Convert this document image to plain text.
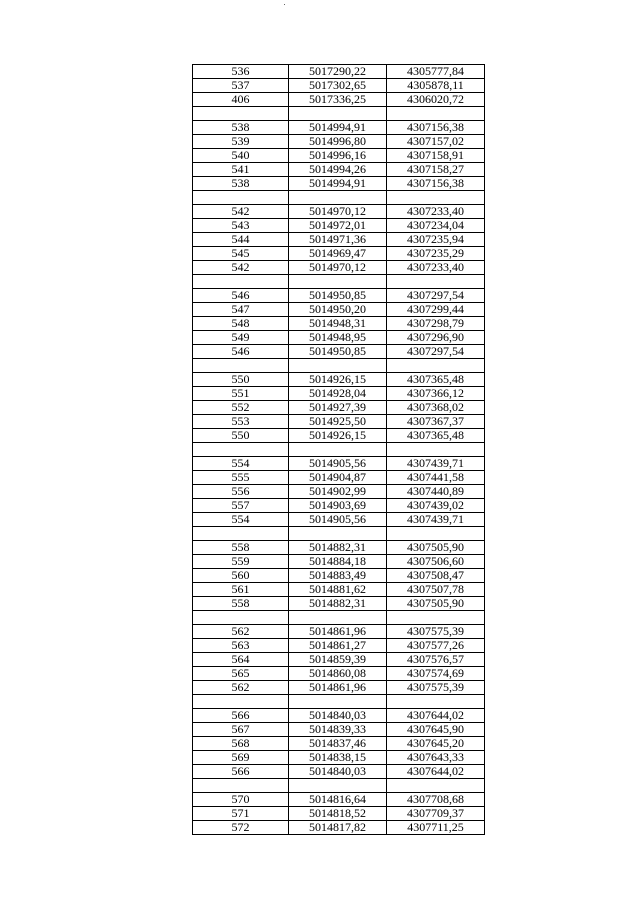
536	5017290,22	4305777,84
537	5017302,65	4305878,11
406	5017336,25	4306020,72

538	5014994,91	4307156,38
539	5014996,80	4307157,02
540	5014996,16	4307158,91
541	5014994,26	4307158,27
538	5014994,91	4307156,38

542	5014970,12	4307233,40
543	5014972,01	4307234,04
544	5014971,36	4307235,94
545	5014969,47	4307235,29
542	5014970,12	4307233,40

546	5014950,85	4307297,54
547	5014950,20	4307299,44
548	5014948,31	4307298,79
549	5014948,95	4307296,90
546	5014950,85	4307297,54

550	5014926,15	4307365,48
551	5014928,04	4307366,12
552	5014927,39	4307368,02
553	5014925,50	4307367,37
550	5014926,15	4307365,48

554	5014905,56	4307439,71
555	5014904,87	4307441,58
556	5014902,99	4307440,89
557	5014903,69	4307439,02
554	5014905,56	4307439,71

558	5014882,31	4307505,90
559	5014884,18	4307506,60
560	5014883,49	4307508,47
561	5014881,62	4307507,78
558	5014882,31	4307505,90

562	5014861,96	4307575,39
563	5014861,27	4307577,26
564	5014859,39	4307576,57
565	5014860,08	4307574,69
562	5014861,96	4307575,39

566	5014840,03	4307644,02
567	5014839,33	4307645,90
568	5014837,46	4307645,20
569	5014838,15	4307643,33
566	5014840,03	4307644,02

570	5014816,64	4307708,68
571	5014818,52	4307709,37
572	5014817,82	4307711,25
